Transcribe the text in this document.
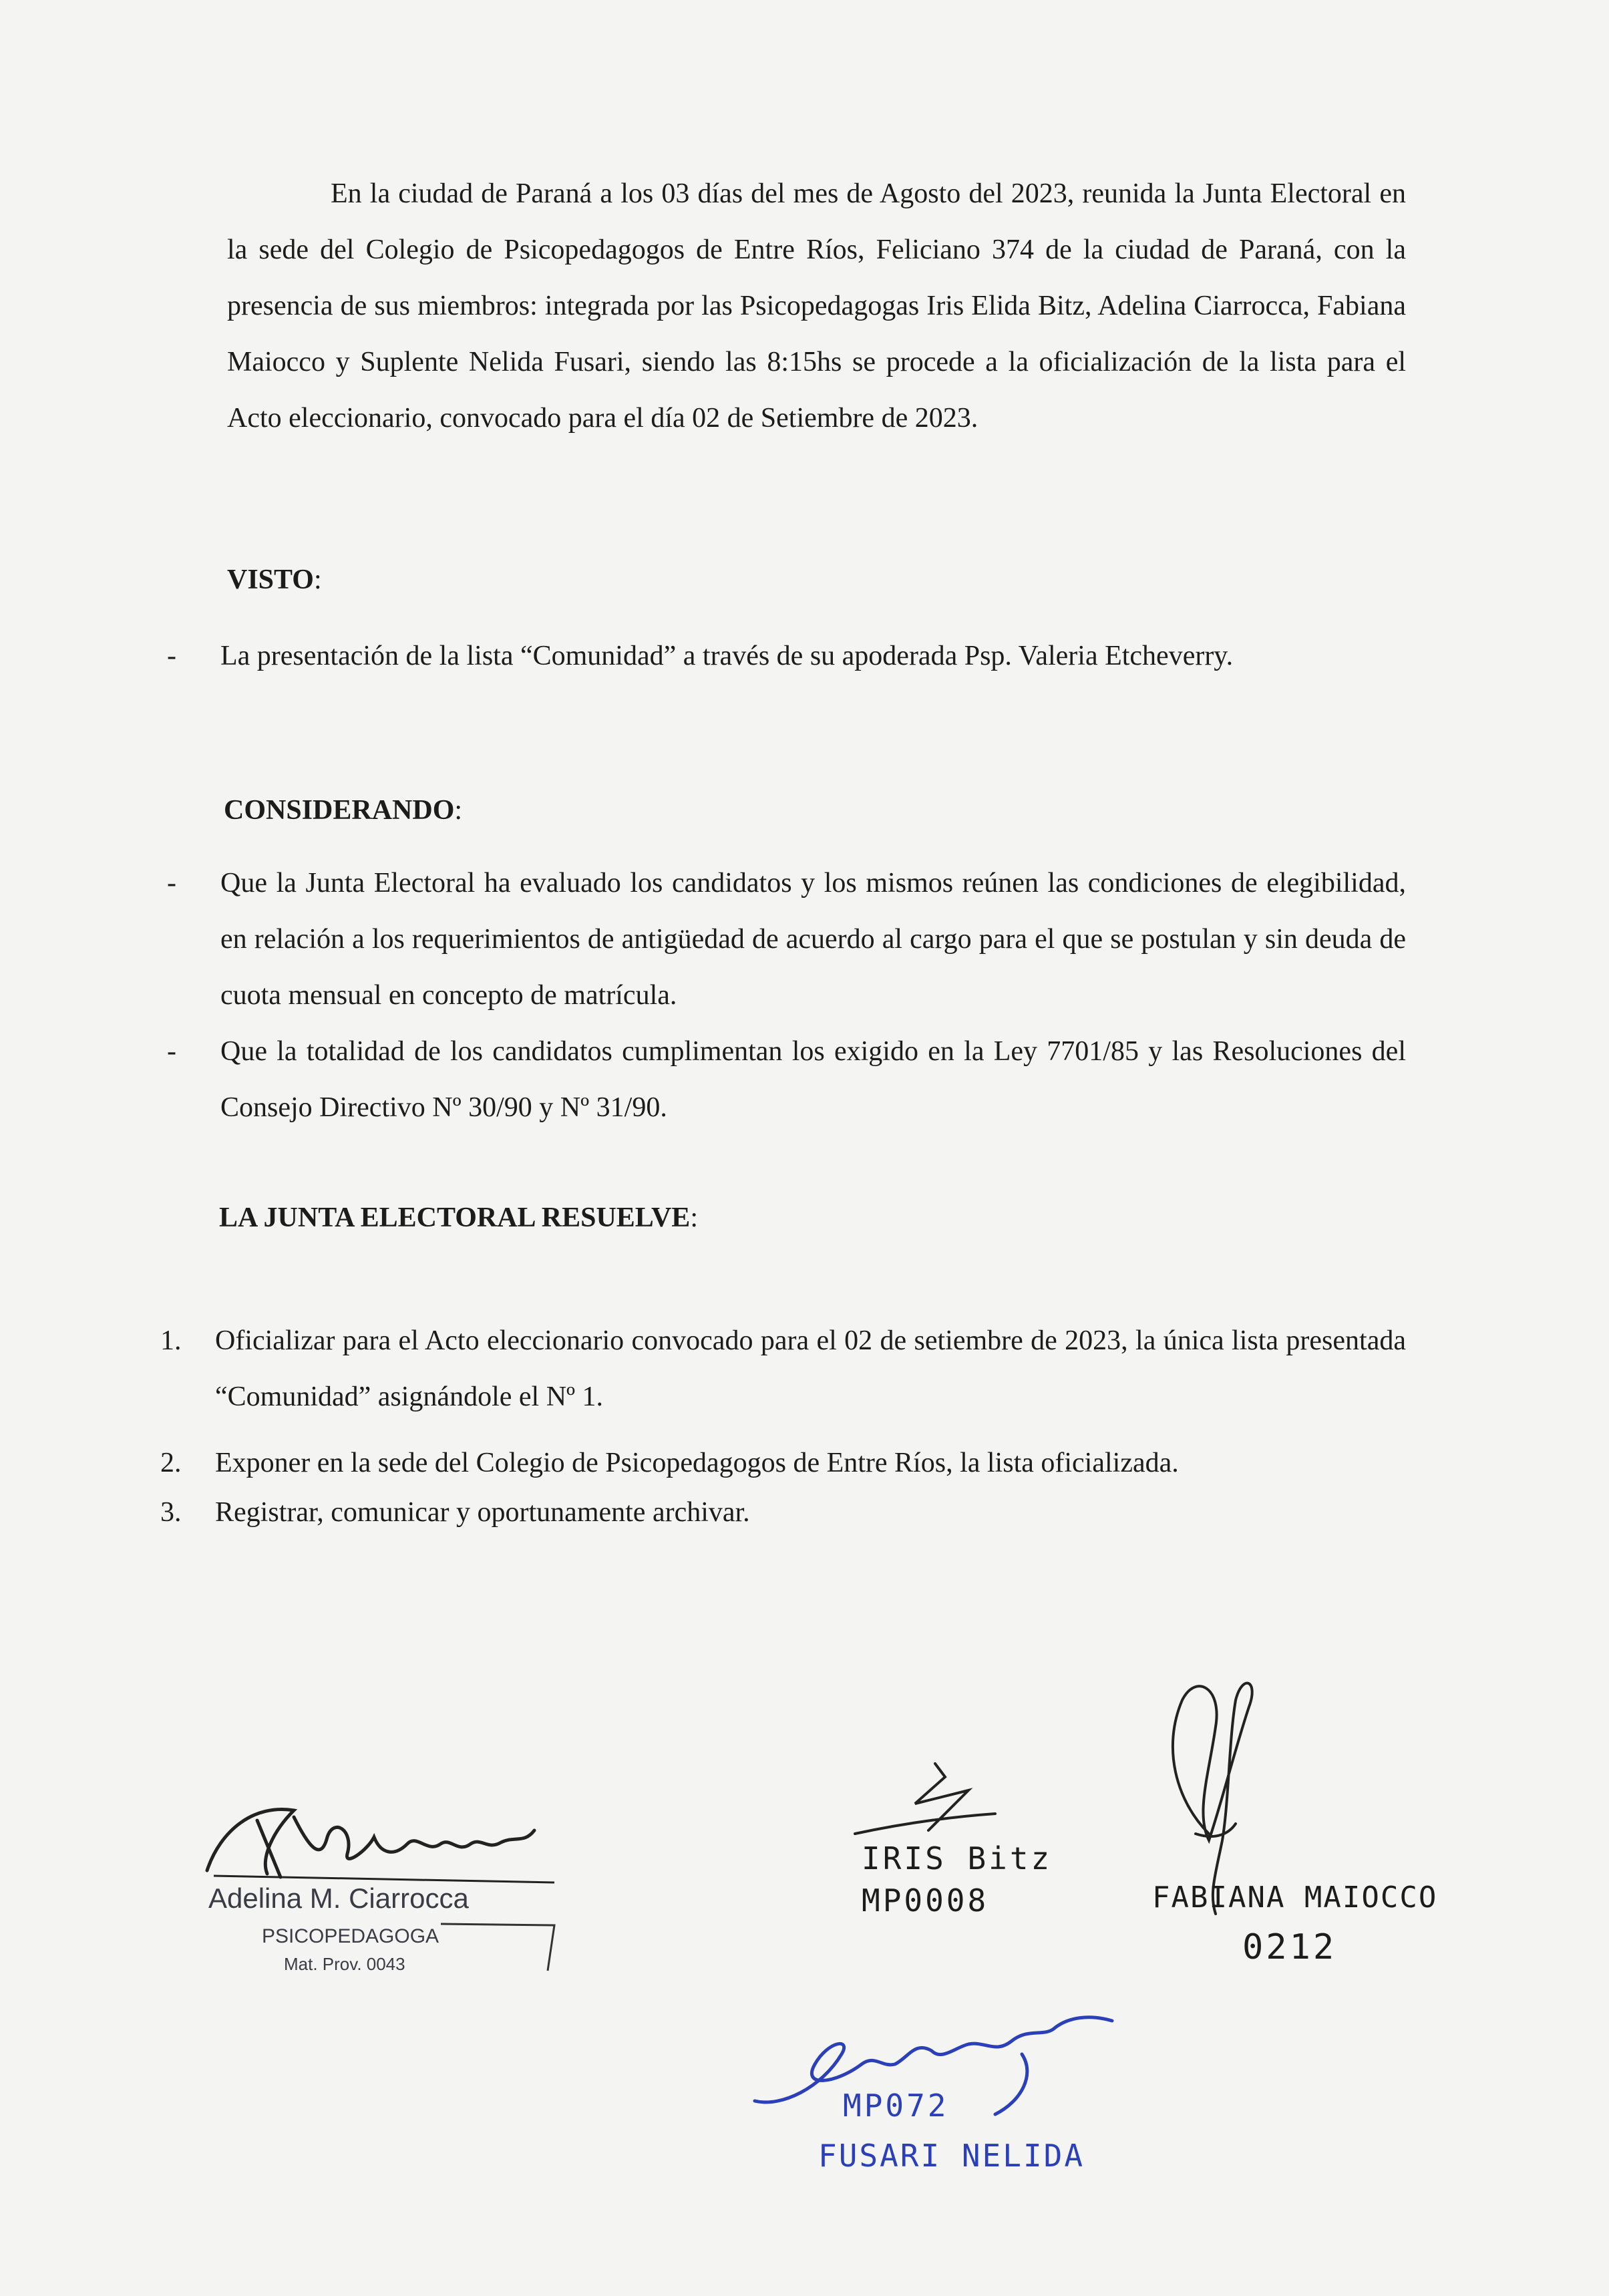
En la ciudad de Paraná a los 03 días del mes de Agosto del 2023, reunida la Junta Electoral en la sede del Colegio de Psicopedagogos de Entre Ríos, Feliciano 374 de la ciudad de Paraná, con la presencia de sus miembros: integrada por las Psicopedagogas Iris Elida Bitz, Adelina Ciarrocca, Fabiana Maiocco y Suplente Nelida Fusari, siendo las 8:15hs se procede a la oficialización de la lista para el Acto eleccionario, convocado para el día 02 de Setiembre de 2023.
VISTO:
- La presentación de la lista “Comunidad” a través de su apoderada Psp. Valeria Etcheverry.
CONSIDERANDO:
- Que la Junta Electoral ha evaluado los candidatos y los mismos reúnen las condiciones de elegibilidad, en relación a los requerimientos de antigüedad de acuerdo al cargo para el que se postulan y sin deuda de cuota mensual en concepto de matrícula.
- Que la totalidad de los candidatos cumplimentan los exigido en la Ley 7701/85 y las Resoluciones del Consejo Directivo Nº 30/90 y Nº 31/90.
LA JUNTA ELECTORAL RESUELVE:
1. Oficializar para el Acto eleccionario convocado para el 02 de setiembre de 2023, la única lista presentada “Comunidad” asignándole el Nº 1.
2. Exponer en la sede del Colegio de Psicopedagogos de Entre Ríos, la lista oficializada.
3. Registrar, comunicar y oportunamente archivar.
Adelina M. Ciarrocca
PSICOPEDAGOGA
Mat. Prov. 0043
IRIS Bitz
MP0008	FABIANA MAIOCCO
0212
MP072
FUSARI NELIDA
